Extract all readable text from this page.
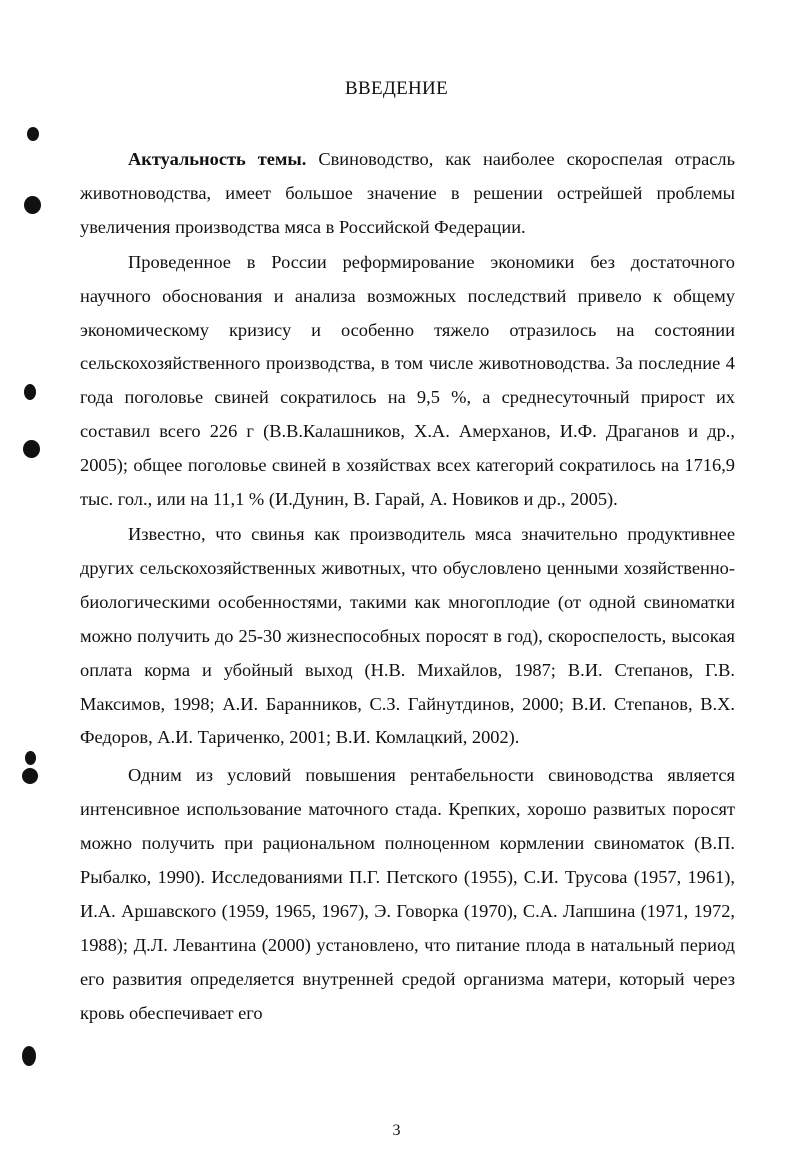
ВВЕДЕНИЕ

Актуальность темы. Свиноводство, как наиболее скороспелая отрасль животноводства, имеет большое значение в решении острейшей проблемы увеличения производства мяса в Российской Федерации.

Проведенное в России реформирование экономики без достаточного научного обоснования и анализа возможных последствий привело к общему экономическому кризису и особенно тяжело отразилось на состоянии сельскохозяйственного производства, в том числе животноводства. За последние 4 года поголовье свиней сократилось на 9,5 %, а среднесуточный прирост их составил всего 226 г (В.В.Калашников, Х.А. Амерханов, И.Ф. Драганов и др., 2005); общее поголовье свиней в хозяйствах всех категорий сократилось на 1716,9 тыс. гол., или на 11,1 % (И.Дунин, В. Гарай, А. Новиков и др., 2005).

Известно, что свинья как производитель мяса значительно продуктивнее других сельскохозяйственных животных, что обусловлено ценными хозяйственно-биологическими особенностями, такими как многоплодие (от одной свиноматки можно получить до 25-30 жизнеспособных поросят в год), скороспелость, высокая оплата корма и убойный выход (Н.В. Михайлов, 1987; В.И. Степанов, Г.В. Максимов, 1998; А.И. Баранников, С.З. Гайнутдинов, 2000; В.И. Степанов, В.Х. Федоров, А.И. Тариченко, 2001; В.И. Комлацкий, 2002).

Одним из условий повышения рентабельности свиноводства является интенсивное использование маточного стада. Крепких, хорошо развитых поросят можно получить при рациональном полноценном кормлении свиноматок (В.П. Рыбалко, 1990). Исследованиями П.Г. Петского (1955), С.И. Трусова (1957, 1961), И.А. Аршавского (1959, 1965, 1967), Э. Говорка (1970), С.А. Лапшина (1971, 1972, 1988); Д.Л. Левантина (2000) установлено, что питание плода в натальный период его развития определяется внутренней средой организма матери, который через кровь обеспечивает его

3
